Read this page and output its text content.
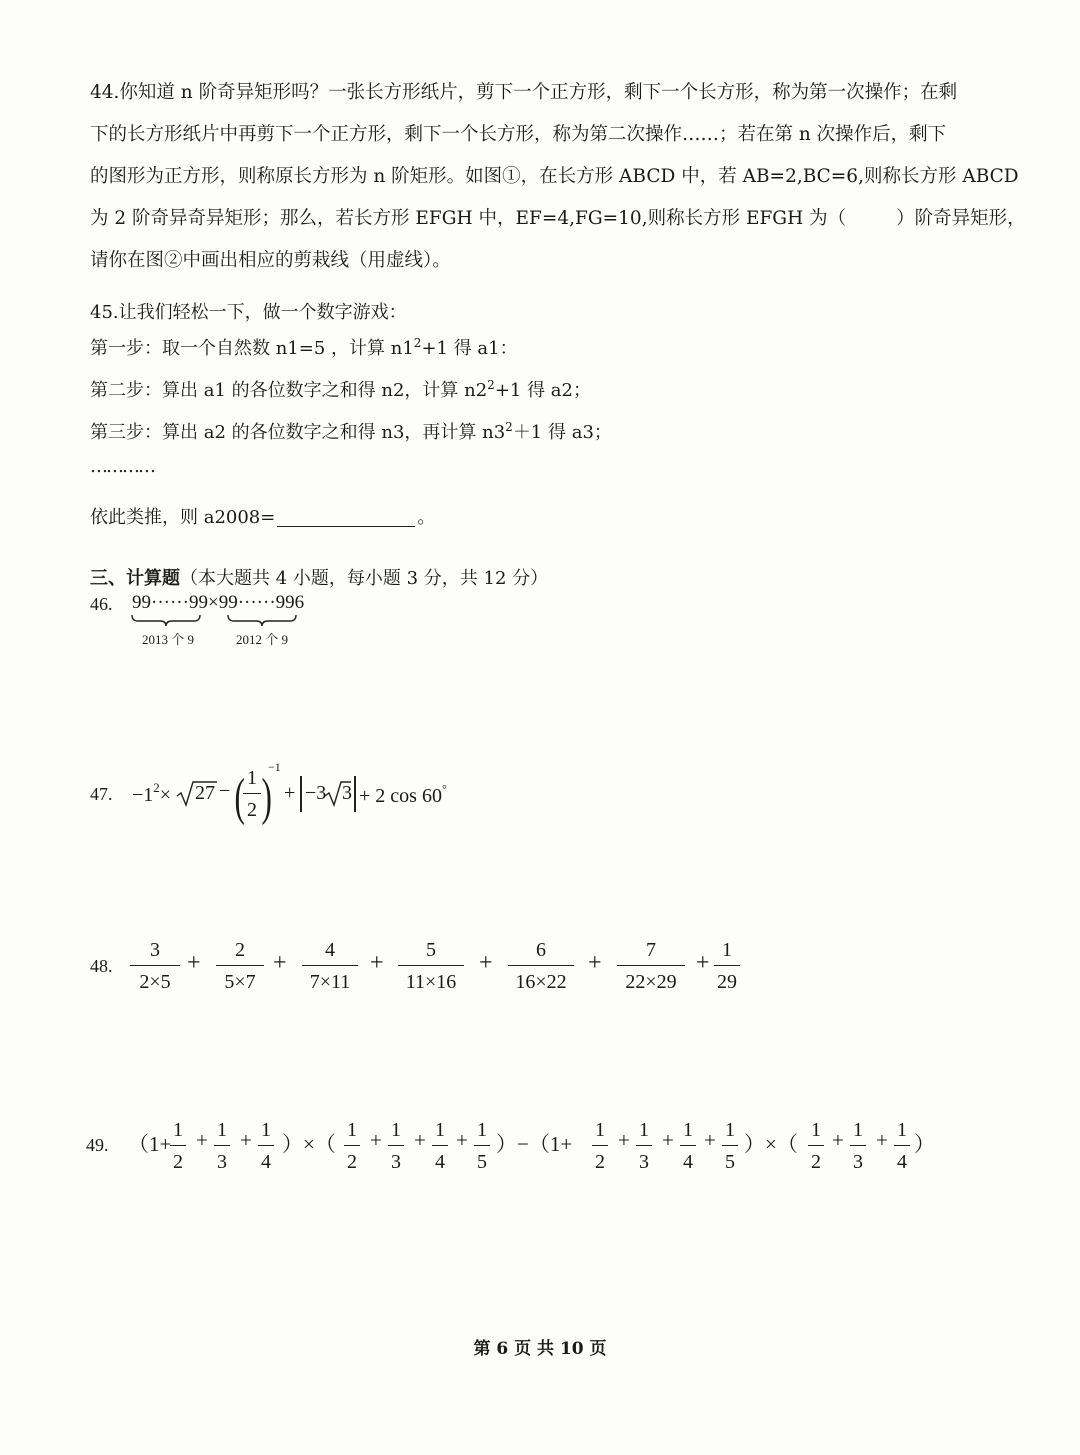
44.你知道 n 阶奇异矩形吗？一张长方形纸片，剪下一个正方形，剩下一个长方形，称为第一次操作；在剩
下的长方形纸片中再剪下一个正方形，剩下一个长方形，称为第二次操作……；若在第 n 次操作后，剩下
的图形为正方形，则称原长方形为 n 阶矩形。如图①，在长方形 ABCD 中，若 AB=2,BC=6,则称长方形 ABCD
为 2 阶奇异奇异矩形；那么，若长方形 EFGH 中，EF=4,FG=10,则称长方形 EFGH 为（	）阶奇异矩形，
请你在图②中画出相应的剪栽线（用虚线）。
45.让我们轻松一下，做一个数字游戏：
第一步：取一个自然数 n1=5 ，计算 $n1^2+1$ 得 a1：
第二步：算出 a1 的各位数字之和得 n2，计算 $n2^2+1$ 得 a2；
第三步：算出 a2 的各位数字之和得 n3，再计算 $n3^2+1$ 得 a3；
…………
依此类推，则 a2008=	。
三、计算题（本大题共 4 小题，每小题 3 分，共 12 分）
46. 99······99×99······996
2013 个 9	2012 个 9
47. $-1^2\times 27$ − ( 1
2 )
−1
+ −3 3 + 2 cos 60°
48.
3
2×5
2
5×7
4
7×11
5
11×16
6
16×22
7
22×29
1
29
+	+	+	+	+	+
49.
1
2
1
3
1
4
1
2
1
3
1
4
1
5
1
2
1
3
1
4
1
5
1
2
1
3
1
4
（1+ + + ）×（ + + + ）−（1+ + + + ）×（ + + ）
第 6 页 共 10 页
